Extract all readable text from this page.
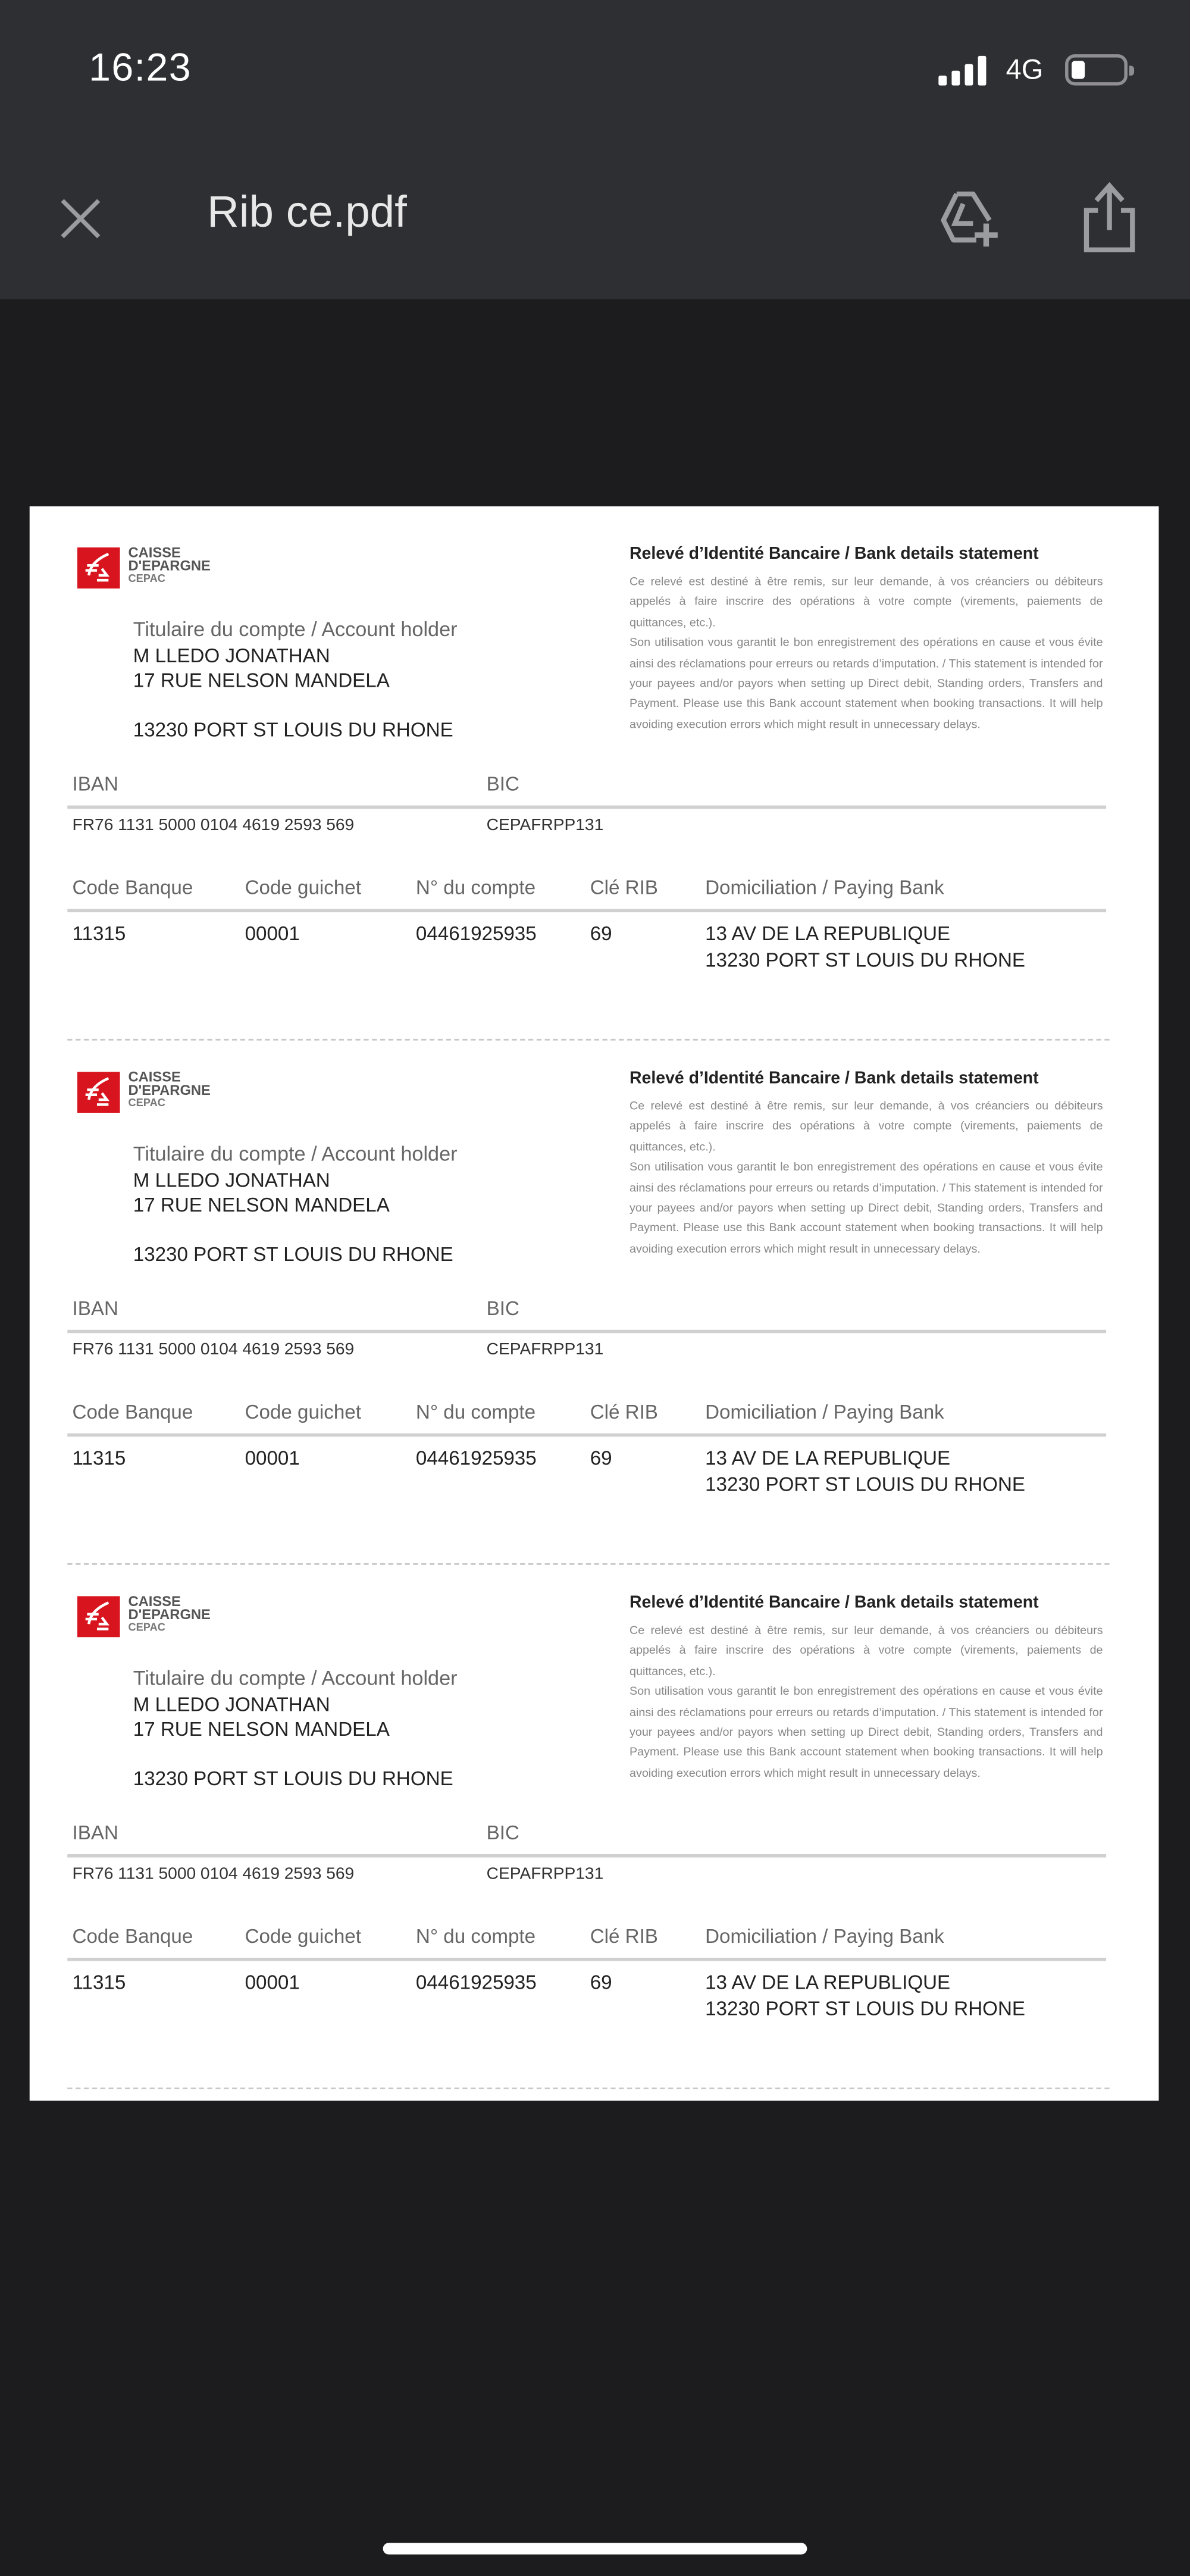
16:23	4G
Rib ce.pdf
CAISSE
D'EPARGNE
CEPAC
Titulaire du compte / Account holder
M LLEDO JONATHAN
17 RUE NELSON MANDELA
13230 PORT ST LOUIS DU RHONE
Relevé d’Identité Bancaire / Bank details statement

Ce relevé est destiné à être remis, sur leur demande, à vos créanciers ou débiteurs appelés à faire inscrire des opérations à votre compte (virements, paiements de quittances, etc.).

Son utilisation vous garantit le bon enregistrement des opérations en cause et vous évite ainsi des réclamations pour erreurs ou retards d’imputation. / This statement is intended for your payees and/or payors when setting up Direct debit, Standing orders, Transfers and Payment. Please use this Bank account statement when booking transactions. It will help avoiding execution errors which might result in unnecessary delays.

IBAN	BIC
FR76 1131 5000 0104 4619 2593 569	CEPAFRPP131
Code Banque	Code guichet	N° du compte	Clé RIB	Domiciliation / Paying Bank
11315	00001	04461925935	69	13 AV DE LA REPUBLIQUE
13230 PORT ST LOUIS DU RHONE
CAISSE
D'EPARGNE
CEPAC
Titulaire du compte / Account holder
M LLEDO JONATHAN
17 RUE NELSON MANDELA
13230 PORT ST LOUIS DU RHONE
Relevé d’Identité Bancaire / Bank details statement

Ce relevé est destiné à être remis, sur leur demande, à vos créanciers ou débiteurs appelés à faire inscrire des opérations à votre compte (virements, paiements de quittances, etc.).

Son utilisation vous garantit le bon enregistrement des opérations en cause et vous évite ainsi des réclamations pour erreurs ou retards d’imputation. / This statement is intended for your payees and/or payors when setting up Direct debit, Standing orders, Transfers and Payment. Please use this Bank account statement when booking transactions. It will help avoiding execution errors which might result in unnecessary delays.

IBAN	BIC
FR76 1131 5000 0104 4619 2593 569	CEPAFRPP131
Code Banque	Code guichet	N° du compte	Clé RIB	Domiciliation / Paying Bank
11315	00001	04461925935	69	13 AV DE LA REPUBLIQUE
13230 PORT ST LOUIS DU RHONE
CAISSE
D'EPARGNE
CEPAC
Titulaire du compte / Account holder
M LLEDO JONATHAN
17 RUE NELSON MANDELA
13230 PORT ST LOUIS DU RHONE
Relevé d’Identité Bancaire / Bank details statement

Ce relevé est destiné à être remis, sur leur demande, à vos créanciers ou débiteurs appelés à faire inscrire des opérations à votre compte (virements, paiements de quittances, etc.).

Son utilisation vous garantit le bon enregistrement des opérations en cause et vous évite ainsi des réclamations pour erreurs ou retards d’imputation. / This statement is intended for your payees and/or payors when setting up Direct debit, Standing orders, Transfers and Payment. Please use this Bank account statement when booking transactions. It will help avoiding execution errors which might result in unnecessary delays.

IBAN	BIC
FR76 1131 5000 0104 4619 2593 569	CEPAFRPP131
Code Banque	Code guichet	N° du compte	Clé RIB	Domiciliation / Paying Bank
11315	00001	04461925935	69	13 AV DE LA REPUBLIQUE
13230 PORT ST LOUIS DU RHONE
